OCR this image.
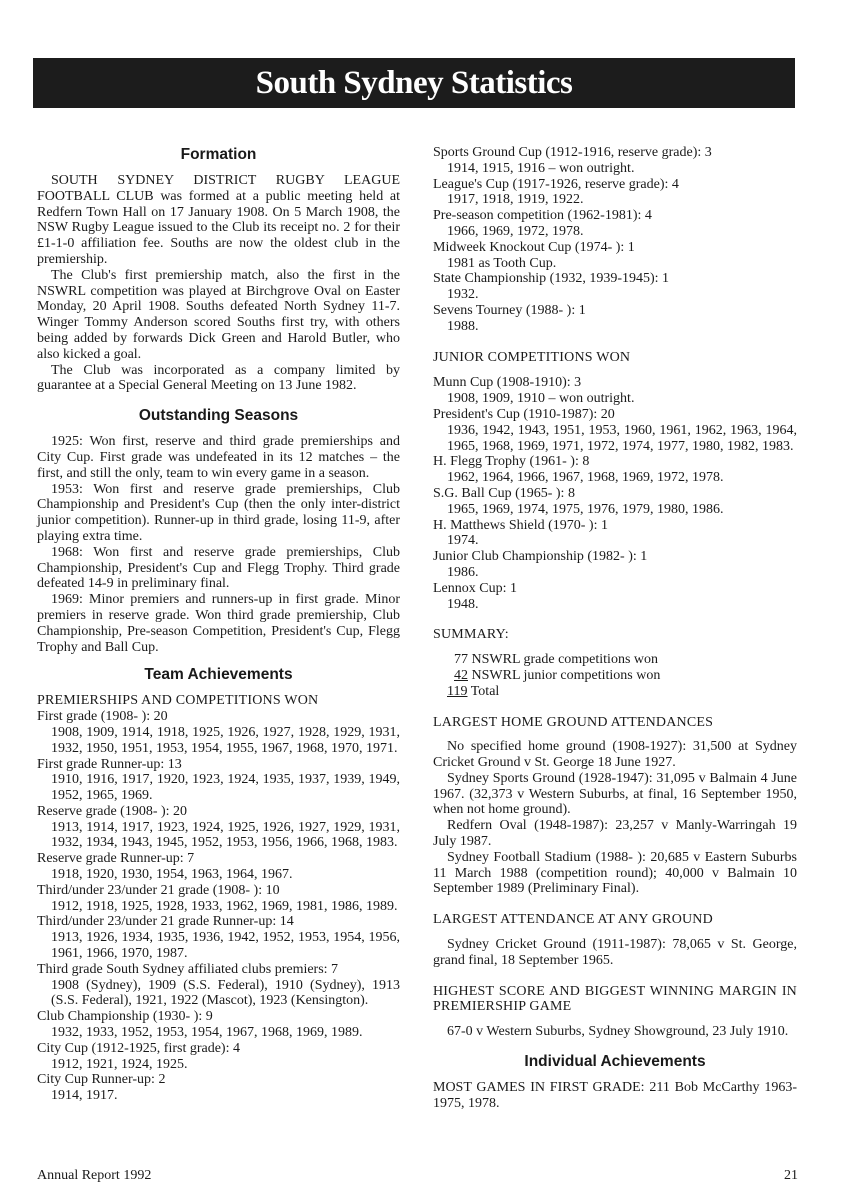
South Sydney Statistics
Formation

SOUTH SYDNEY DISTRICT RUGBY LEAGUE FOOTBALL CLUB was formed at a public meeting held at Redfern Town Hall on 17 January 1908. On 5 March 1908, the NSW Rugby League issued to the Club its receipt no. 2 for their £1-1-0 affiliation fee. Souths are now the oldest club in the premiership.

The Club's first premiership match, also the first in the NSWRL competition was played at Birchgrove Oval on Easter Monday, 20 April 1908. Souths defeated North Sydney 11-7. Winger Tommy Anderson scored Souths first try, with others being added by forwards Dick Green and Harold Butler, who also kicked a goal.

The Club was incorporated as a company limited by guarantee at a Special General Meeting on 13 June 1982.

Outstanding Seasons

1925: Won first, reserve and third grade premierships and City Cup. First grade was undefeated in its 12 matches – the first, and still the only, team to win every game in a season.

1953: Won first and reserve grade premierships, Club Championship and President's Cup (then the only inter-district junior competition). Runner-up in third grade, losing 11-9, after playing extra time.

1968: Won first and reserve grade premierships, Club Championship, President's Cup and Flegg Trophy. Third grade defeated 14-9 in preliminary final.

1969: Minor premiers and runners-up in first grade. Minor premiers in reserve grade. Won third grade premiership, Club Championship, Pre-season Competition, President's Cup, Flegg Trophy and Ball Cup.

Team Achievements

PREMIERSHIPS AND COMPETITIONS WON

First grade (1908- ): 20

1908, 1909, 1914, 1918, 1925, 1926, 1927, 1928, 1929, 1931, 1932, 1950, 1951, 1953, 1954, 1955, 1967, 1968, 1970, 1971.

First grade Runner-up: 13

1910, 1916, 1917, 1920, 1923, 1924, 1935, 1937, 1939, 1949, 1952, 1965, 1969.

Reserve grade (1908- ): 20

1913, 1914, 1917, 1923, 1924, 1925, 1926, 1927, 1929, 1931, 1932, 1934, 1943, 1945, 1952, 1953, 1956, 1966, 1968, 1983.

Reserve grade Runner-up: 7

1918, 1920, 1930, 1954, 1963, 1964, 1967.

Third/under 23/under 21 grade (1908- ): 10

1912, 1918, 1925, 1928, 1933, 1962, 1969, 1981, 1986, 1989.

Third/under 23/under 21 grade Runner-up: 14

1913, 1926, 1934, 1935, 1936, 1942, 1952, 1953, 1954, 1956, 1961, 1966, 1970, 1987.

Third grade South Sydney affiliated clubs premiers: 7

1908 (Sydney), 1909 (S.S. Federal), 1910 (Sydney), 1913 (S.S. Federal), 1921, 1922 (Mascot), 1923 (Kensington).

Club Championship (1930- ): 9

1932, 1933, 1952, 1953, 1954, 1967, 1968, 1969, 1989.

City Cup (1912-1925, first grade): 4

1912, 1921, 1924, 1925.

City Cup Runner-up: 2

1914, 1917.

Sports Ground Cup (1912-1916, reserve grade): 3

1914, 1915, 1916 – won outright.

League's Cup (1917-1926, reserve grade): 4

1917, 1918, 1919, 1922.

Pre-season competition (1962-1981): 4

1966, 1969, 1972, 1978.

Midweek Knockout Cup (1974- ): 1

1981 as Tooth Cup.

State Championship (1932, 1939-1945): 1

1932.

Sevens Tourney (1988- ): 1

1988.

JUNIOR COMPETITIONS WON

Munn Cup (1908-1910): 3

1908, 1909, 1910 – won outright.

President's Cup (1910-1987): 20

1936, 1942, 1943, 1951, 1953, 1960, 1961, 1962, 1963, 1964, 1965, 1968, 1969, 1971, 1972, 1974, 1977, 1980, 1982, 1983.

H. Flegg Trophy (1961- ): 8

1962, 1964, 1966, 1967, 1968, 1969, 1972, 1978.

S.G. Ball Cup (1965- ): 8

1965, 1969, 1974, 1975, 1976, 1979, 1980, 1986.

H. Matthews Shield (1970- ): 1

1974.

Junior Club Championship (1982- ): 1

1986.

Lennox Cup: 1

1948.

SUMMARY:

77 NSWRL grade competitions won

42 NSWRL junior competitions won

119 Total

LARGEST HOME GROUND ATTENDANCES

No specified home ground (1908-1927): 31,500 at Sydney Cricket Ground v St. George 18 June 1927.

Sydney Sports Ground (1928-1947): 31,095 v Balmain 4 June 1967. (32,373 v Western Suburbs, at final, 16 September 1950, when not home ground).

Redfern Oval (1948-1987): 23,257 v Manly-Warringah 19 July 1987.

Sydney Football Stadium (1988- ): 20,685 v Eastern Suburbs 11 March 1988 (competition round); 40,000 v Balmain 10 September 1989 (Preliminary Final).

LARGEST ATTENDANCE AT ANY GROUND

Sydney Cricket Ground (1911-1987): 78,065 v St. George, grand final, 18 September 1965.

HIGHEST SCORE AND BIGGEST WINNING MARGIN IN PREMIERSHIP GAME

67-0 v Western Suburbs, Sydney Showground, 23 July 1910.

Individual Achievements

MOST GAMES IN FIRST GRADE: 211 Bob McCarthy 1963-1975, 1978.

Annual Report 1992	21
